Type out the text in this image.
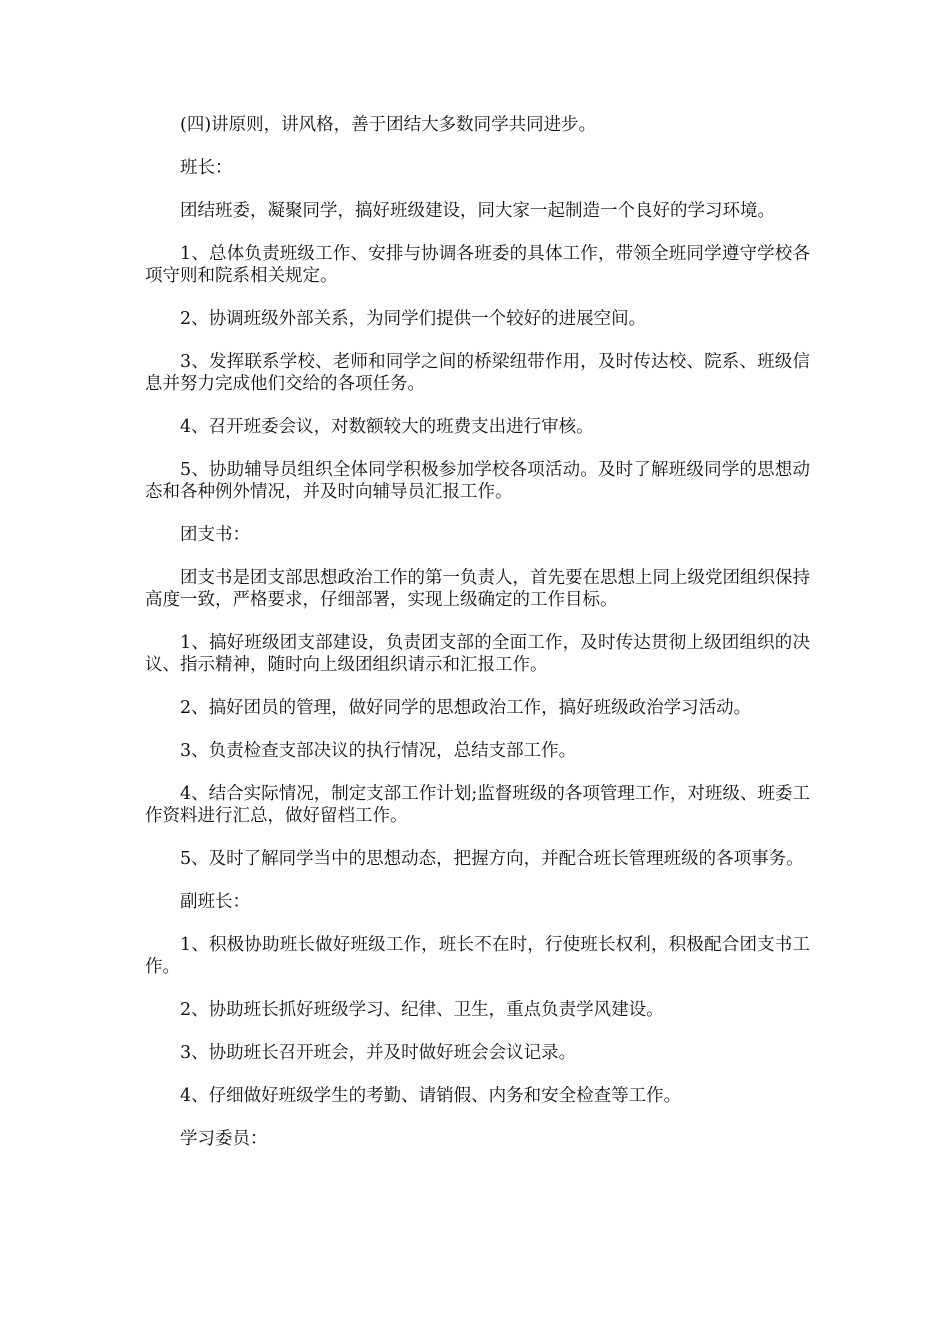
(四)讲原则，讲风格，善于团结大多数同学共同进步。

班长：

团结班委，凝聚同学，搞好班级建设，同大家一起制造一个良好的学习环境。

1、总体负责班级工作、安排与协调各班委的具体工作，带领全班同学遵守学校各项守则和院系相关规定。

2、协调班级外部关系，为同学们提供一个较好的进展空间。

3、发挥联系学校、老师和同学之间的桥梁纽带作用，及时传达校、院系、班级信息并努力完成他们交给的各项任务。

4、召开班委会议，对数额较大的班费支出进行审核。

5、协助辅导员组织全体同学积极参加学校各项活动。及时了解班级同学的思想动态和各种例外情况，并及时向辅导员汇报工作。

团支书：

团支书是团支部思想政治工作的第一负责人，首先要在思想上同上级党团组织保持高度一致，严格要求，仔细部署，实现上级确定的工作目标。

1、搞好班级团支部建设，负责团支部的全面工作，及时传达贯彻上级团组织的决议、指示精神，随时向上级团组织请示和汇报工作。

2、搞好团员的管理，做好同学的思想政治工作，搞好班级政治学习活动。

3、负责检查支部决议的执行情况，总结支部工作。

4、结合实际情况，制定支部工作计划;监督班级的各项管理工作，对班级、班委工作资料进行汇总，做好留档工作。

5、及时了解同学当中的思想动态，把握方向，并配合班长管理班级的各项事务。

副班长：

1、积极协助班长做好班级工作，班长不在时，行使班长权利，积极配合团支书工作。

2、协助班长抓好班级学习、纪律、卫生，重点负责学风建设。

3、协助班长召开班会，并及时做好班会会议记录。

4、仔细做好班级学生的考勤、请销假、内务和安全检查等工作。

学习委员：
